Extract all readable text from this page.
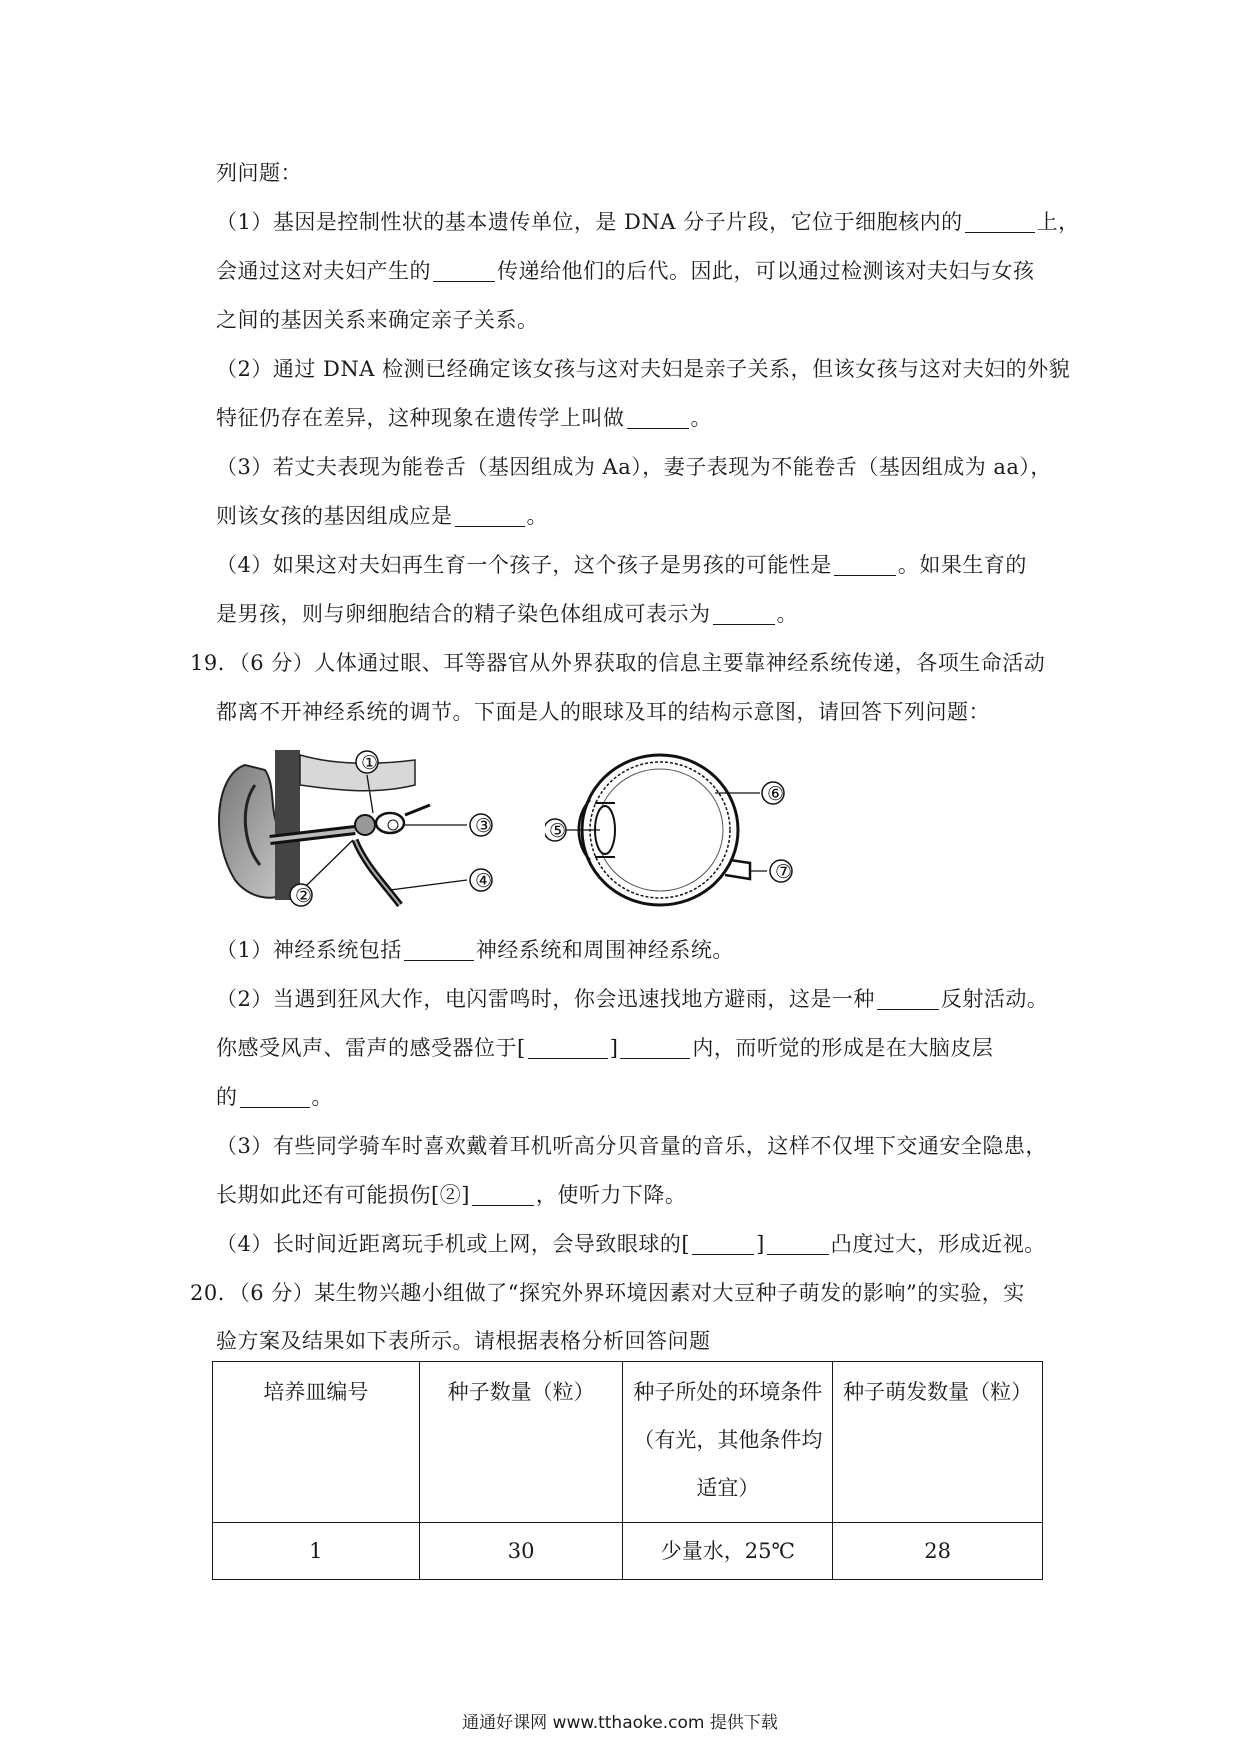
列问题：
（1）基因是控制性状的基本遗传单位，是 DNA 分子片段，它位于细胞核内的	上，
会通过这对夫妇产生的	传递给他们的后代。因此，可以通过检测该对夫妇与女孩
之间的基因关系来确定亲子关系。
（2）通过 DNA 检测已经确定该女孩与这对夫妇是亲子关系，但该女孩与这对夫妇的外貌
特征仍存在差异，这种现象在遗传学上叫做	。
（3）若丈夫表现为能卷舌（基因组成为 Aa），妻子表现为不能卷舌（基因组成为 aa），
则该女孩的基因组成应是	。
（4）如果这对夫妇再生育一个孩子，这个孩子是男孩的可能性是	。如果生育的
是男孩，则与卵细胞结合的精子染色体组成可表示为	。
19．（6 分）人体通过眼、耳等器官从外界获取的信息主要靠神经系统传递，各项生命活动
都离不开神经系统的调节。下面是人的眼球及耳的结构示意图，请回答下列问题：
①
②
③
④
⑤
⑥
⑦
（1）神经系统包括	神经系统和周围神经系统。
（2）当遇到狂风大作，电闪雷鸣时，你会迅速找地方避雨，这是一种	反射活动。
你感受风声、雷声的感受器位于[	]	内，而听觉的形成是在大脑皮层
的	。
（3）有些同学骑车时喜欢戴着耳机听高分贝音量的音乐，这样不仅埋下交通安全隐患，
长期如此还有可能损伤[②]	，使听力下降。
（4）长时间近距离玩手机或上网，会导致眼球的[	]	凸度过大，形成近视。
20．（6 分）某生物兴趣小组做了“探究外界环境因素对大豆种子萌发的影响”的实验，实
验方案及结果如下表所示。请根据表格分析回答问题
培养皿编号	种子数量（粒）	种子所处的环境条件
（有光，其他条件均
适宜）	种子萌发数量（粒）
1	30	少量水，25℃	28
通通好课网 www.tthaoke.com 提供下载
